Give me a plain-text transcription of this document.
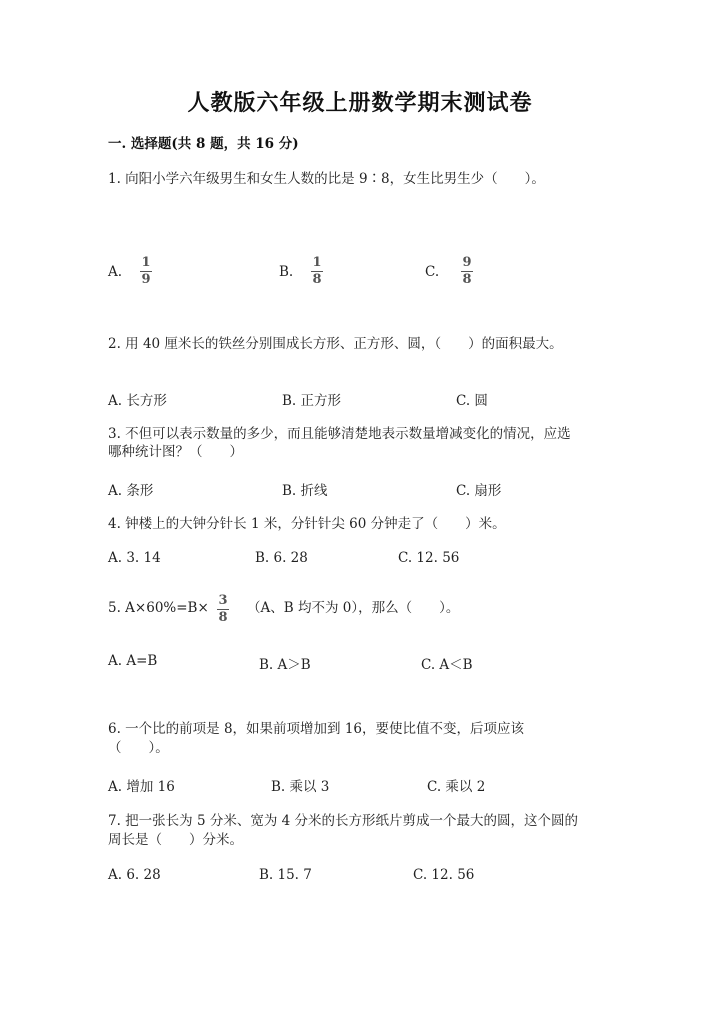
人教版六年级上册数学期末测试卷
一. 选择题(共 8 题，共 16 分)
1. 向阳小学六年级男生和女生人数的比是 9∶8，女生比男生少（　　）。
A.
1
9	B.
1
8	C.
9
8
2. 用 40 厘米长的铁丝分别围成长方形、正方形、圆，（　　）的面积最大。
A. 长方形	B. 正方形	C. 圆
3. 不但可以表示数量的多少，而且能够清楚地表示数量增减变化的情况，应选
哪种统计图？（　　）
A. 条形	B. 折线	C. 扇形
4. 钟楼上的大钟分针长 1 米，分针针尖 60 分钟走了（　　）米。
A. 3. 14	B. 6. 28	C. 12. 56
5. A×60%=B× 3
8
（A、B 均不为 0），那么（　　）。
A. A=B	B. A＞B	C. A＜B
6. 一个比的前项是 8，如果前项增加到 16，要使比值不变，后项应该
（　　）。
A. 增加 16	B. 乘以 3	C. 乘以 2
7. 把一张长为 5 分米、宽为 4 分米的长方形纸片剪成一个最大的圆，这个圆的
周长是（　　）分米。
A. 6. 28	B. 15. 7	C. 12. 56
